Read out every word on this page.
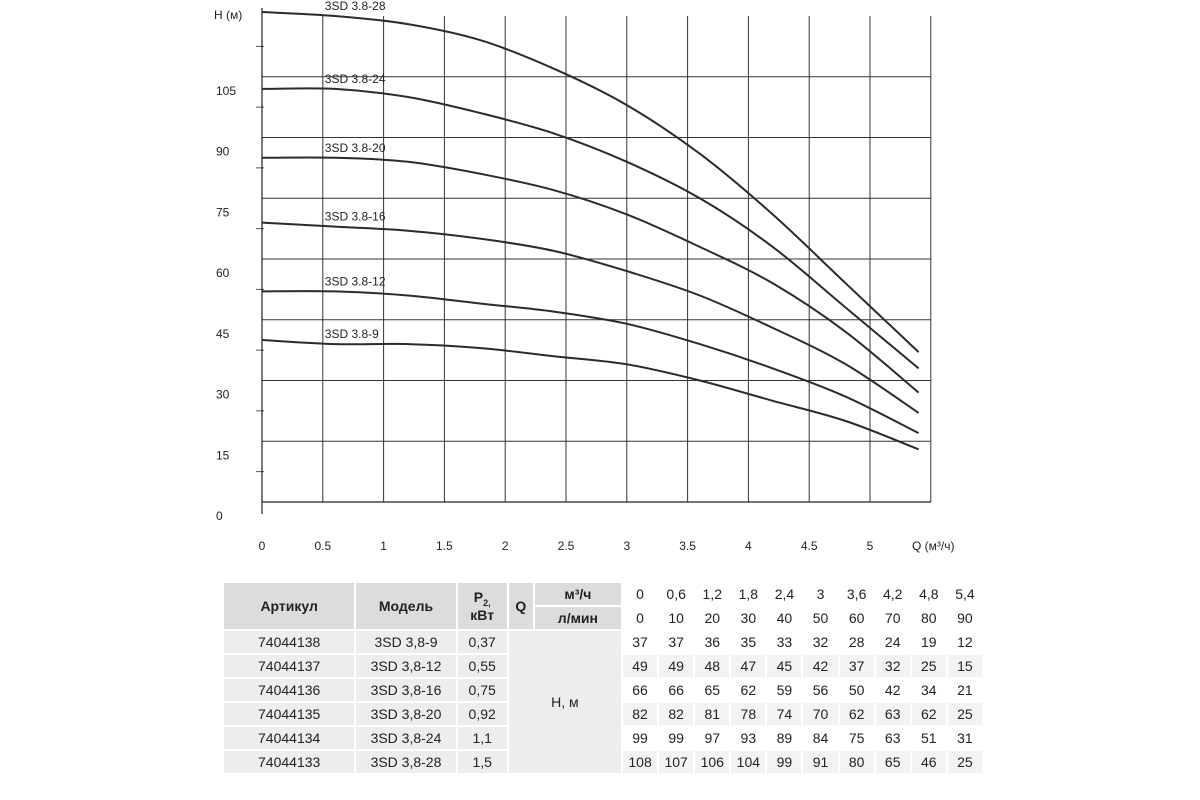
0
15
30
45
60
75
90
105
0	0.5	1	1.5	2	2.5	3	3.5	4	4.5	5
H (м)
Q (м³/ч)
3SD 3.8-28
3SD 3.8-24
3SD 3.8-20
3SD 3.8-16
3SD 3.8-12
3SD 3.8-9
Артикул	Модель	$P_{2,}$
кВт	Q	м³/ч	0	0,6	1,2	1,8	2,4	3	3,6	4,2	4,8	5,4
				л/мин	0	10	20	30	40	50	60	70	80	90
74044138	3SD 3,8-9	0,37	H, м		37	37	36	35	33	32	28	24	19	12
74044137	3SD 3,8-12	0,55			49	49	48	47	45	42	37	32	25	15
74044136	3SD 3,8-16	0,75			66	66	65	62	59	56	50	42	34	21
74044135	3SD 3,8-20	0,92			82	82	81	78	74	70	62	63	62	25
74044134	3SD 3,8-24	1,1			99	99	97	93	89	84	75	63	51	31
74044133	3SD 3,8-28	1,5			108	107	106	104	99	91	80	65	46	25
